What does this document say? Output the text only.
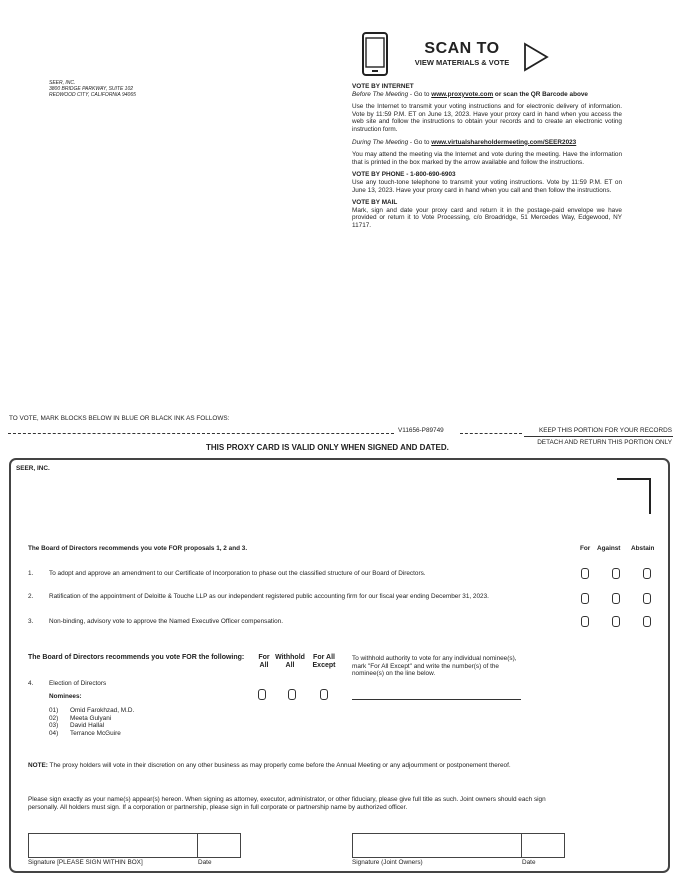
SEER, INC.
3800 BRIDGE PARKWAY, SUITE 102
REDWOOD CITY, CALIFORNIA 94065
SCAN TO
VIEW MATERIALS & VOTE
VOTE BY INTERNET
Before The Meeting - Go to www.proxyvote.com or scan the QR Barcode above
Use the Internet to transmit your voting instructions and for electronic delivery of information. Vote by 11:59 P.M. ET on June 13, 2023. Have your proxy card in hand when you access the web site and follow the instructions to obtain your records and to create an electronic voting instruction form.
During The Meeting - Go to www.virtualshareholdermeeting.com/SEER2023
You may attend the meeting via the Internet and vote during the meeting. Have the information that is printed in the box marked by the arrow available and follow the instructions.
VOTE BY PHONE - 1-800-690-6903
Use any touch-tone telephone to transmit your voting instructions. Vote by 11:59 P.M. ET on June 13, 2023. Have your proxy card in hand when you call and then follow the instructions.
VOTE BY MAIL
Mark, sign and date your proxy card and return it in the postage-paid envelope we have provided or return it to Vote Processing, c/o Broadridge, 51 Mercedes Way, Edgewood, NY 11717.
TO VOTE, MARK BLOCKS BELOW IN BLUE OR BLACK INK AS FOLLOWS:
V11656-P89749	KEEP THIS PORTION FOR YOUR RECORDS
DETACH AND RETURN THIS PORTION ONLY
THIS PROXY CARD IS VALID ONLY WHEN SIGNED AND DATED.
SEER, INC.
The Board of Directors recommends you vote FOR proposals 1, 2 and 3.	For Against Abstain
1. To adopt and approve an amendment to our Certificate of Incorporation to phase out the classified structure of our Board of Directors.
2. Ratification of the appointment of Deloitte & Touche LLP as our independent registered public accounting firm for our fiscal year ending December 31, 2023.
3. Non-binding, advisory vote to approve the Named Executive Officer compensation.
The Board of Directors recommends you vote FOR the following:	For All
Withhold All
For All Except
To withhold authority to vote for any individual nominee(s), mark "For All Except" and write the number(s) of the nominee(s) on the line below.
4. Election of Directors
Nominees:
01) Omid Farokhzad, M.D.
02) Meeta Gulyani
03) David Hallal
04) Terrance McGuire
NOTE: The proxy holders will vote in their discretion on any other business as may properly come before the Annual Meeting or any adjournment or postponement thereof.
Please sign exactly as your name(s) appear(s) hereon. When signing as attorney, executor, administrator, or other fiduciary, please give full title as such. Joint owners should each sign personally. All holders must sign. If a corporation or partnership, please sign in full corporate or partnership name by authorized officer.
Signature [PLEASE SIGN WITHIN BOX]	Date	Signature (Joint Owners)	Date
